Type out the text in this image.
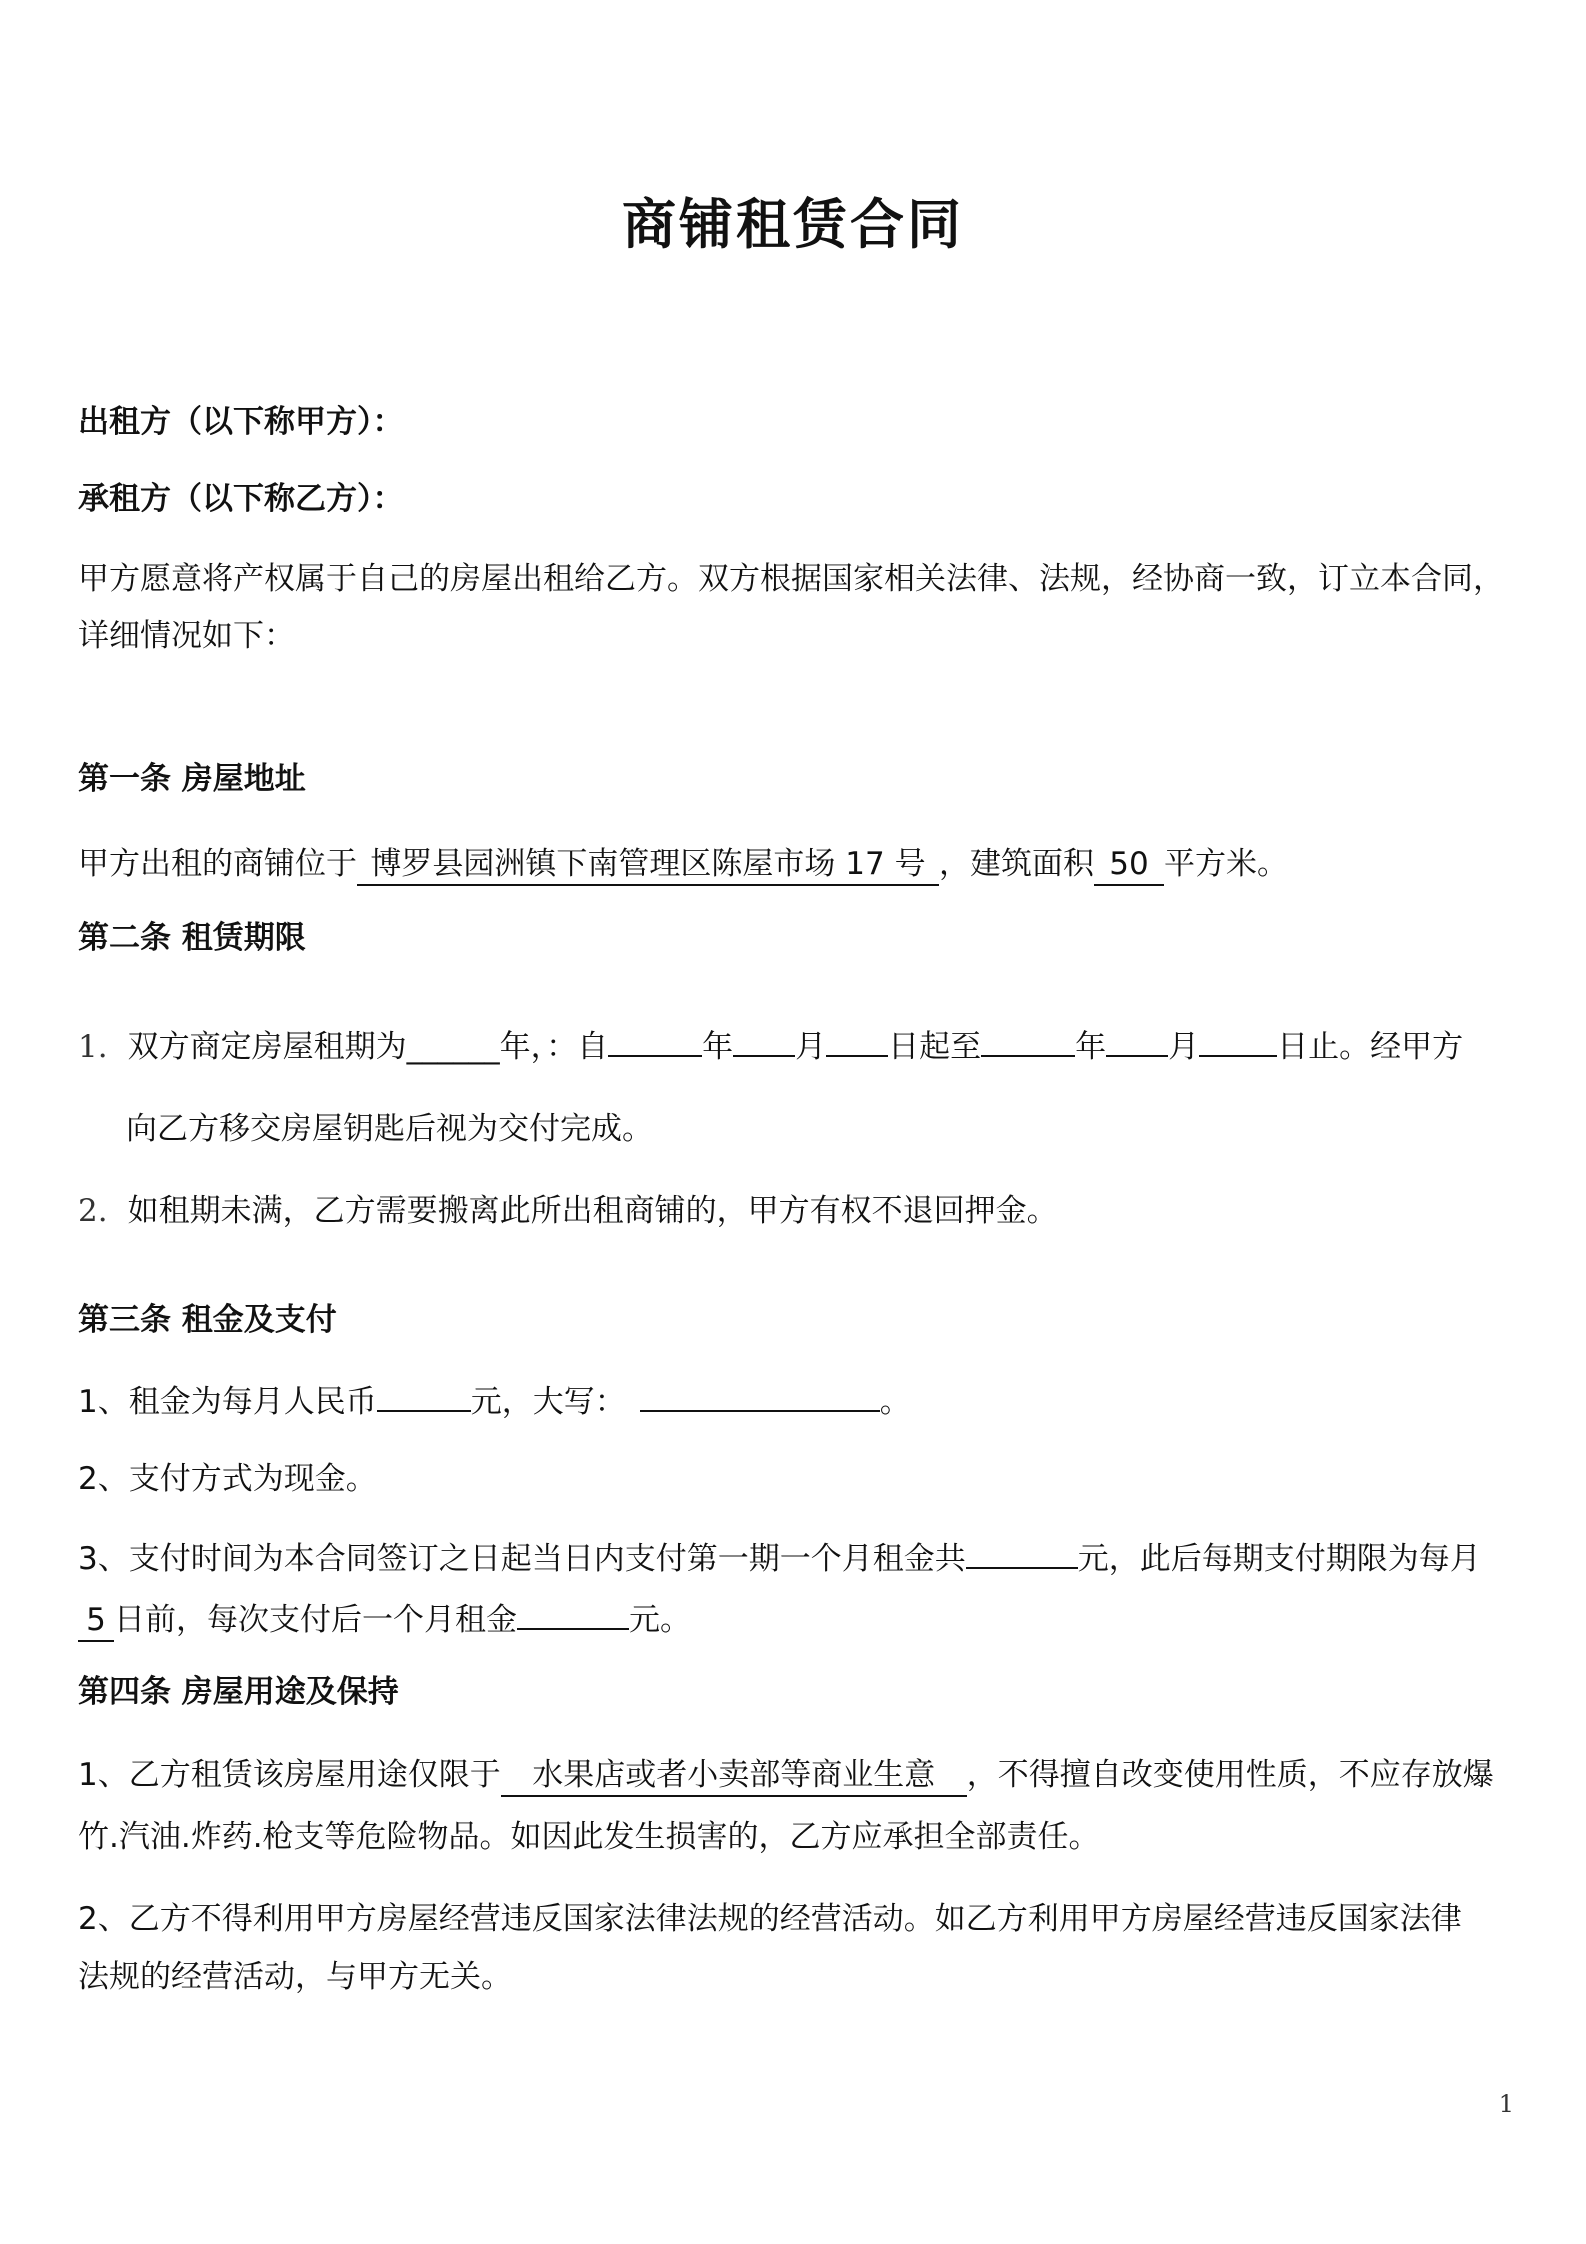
商铺租赁合同

出租方（以下称甲方）：

承租方（以下称乙方）：

甲方愿意将产权属于自己的房屋出租给乙方。双方根据国家相关法律、法规，经协商一致，订立本合同，

详细情况如下：

第一条 房屋地址

甲方出租的商铺位于 博罗县园洲镇下南管理区陈屋市场 17 号 ，建筑面积 50 平方米。

第二条 租赁期限

1. 双方商定房屋租期为______年，：自	年 月 日起至	年 月	日止。经甲方

向乙方移交房屋钥匙后视为交付完成。

2. 如租期未满，乙方需要搬离此所出租商铺的，甲方有权不退回押金。

第三条 租金及支付

1、租金为每月人民币	元，大写：	。

2、支付方式为现金。

3、支付时间为本合同签订之日起当日内支付第一期一个月租金共	元，此后每期支付期限为每月

5 日前，每次支付后一个月租金	元。

第四条 房屋用途及保持

1、乙方租赁该房屋用途仅限于 水果店或者小卖部等商业生意 ，不得擅自改变使用性质，不应存放爆

竹.汽油.炸药.枪支等危险物品。如因此发生损害的，乙方应承担全部责任。

2、乙方不得利用甲方房屋经营违反国家法律法规的经营活动。如乙方利用甲方房屋经营违反国家法律

法规的经营活动，与甲方无关。

1
